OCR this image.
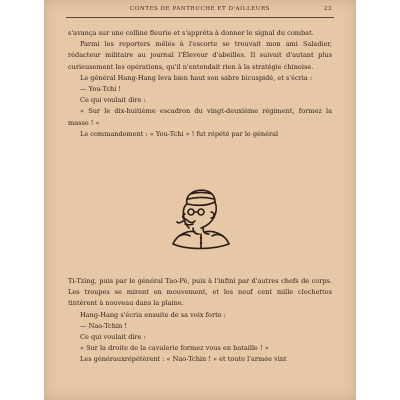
CONTES DE PANTRUCHE ET D'AILLEURS	23

s'avança sur une colline fleurie et s'apprêta à donner le signal du combat.

Parmi les reporters mêlés à l'escorte se trouvait mon ami Saladier, rédacteur militaire au journal l'Éleveur d'abeilles. Il suivait d'autant plus curieusement les opérations, qu'il n'entendait rien à la stratégie chinoise.

Le général Hang-Hang leva bien haut son sabre bicuspidé, et s'écria :

— You-Tchi !

Ce qui voulait dire :

« Sur le dix-huitième escadron du vingt-deuxième régiment, formez la masse ! »

Le commandement : « You-Tchi » ! fut répété par le général

Ti-Tzing, puis par le général Tao-Pé, puis à l'infini par d'autres chefs de corps. Les troupes se mirent en mouvement, et les neuf cent mille clochettes tintèrent à nouveau dans la plaine.

Hang-Hang s'écria ensuite de sa voix forte :

— Nao-Tchin !

Ce qui voulait dire :

« Sur la droite de la cavalerie formez vous en bataille ! »

Les générauxrépétèrent : « Nao-Tchin ! » et toute l'armée vint
